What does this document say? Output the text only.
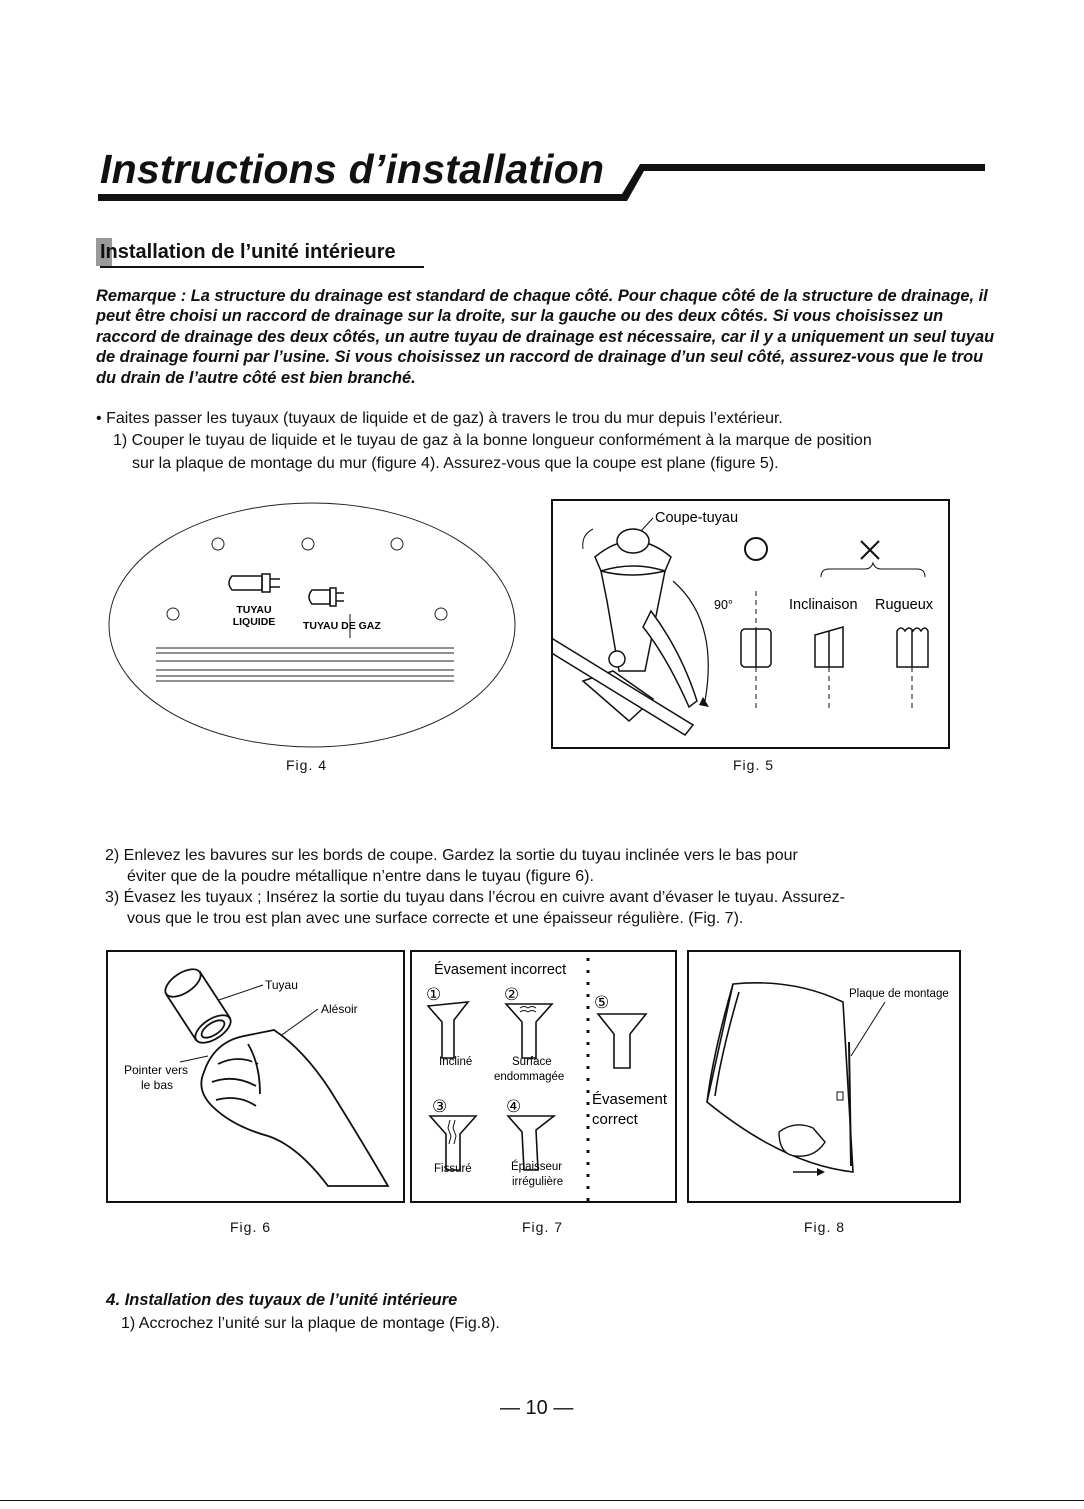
Instructions d’installation
Installation de l’unité intérieure
Remarque : La structure du drainage est standard de chaque côté. Pour chaque côté de la structure de drainage, il peut être choisi un raccord de drainage sur la droite, sur la gauche ou des deux côtés. Si vous choisissez un raccord de drainage des deux côtés, un autre tuyau de drainage est nécessaire, car il y a uniquement un seul tuyau de drainage fourni par l’usine. Si vous choisissez un raccord de drainage d’un seul côté, assurez-vous que le trou du drain de l’autre côté est bien branché.
• Faites passer les tuyaux (tuyaux de liquide et de gaz) à travers le trou du mur depuis l’extérieur.
1) Couper le tuyau de liquide et le tuyau de gaz à la bonne longueur conformément à la marque de position
sur la plaque de montage du mur (figure 4). Assurez-vous que la coupe est plane (figure 5).
TUYAU
LIQUIDE	TUYAU DE GAZ
Fig. 4
Coupe-tuyau
90°	Inclinaison Rugueux
Fig. 5
2) Enlevez les bavures sur les bords de coupe. Gardez la sortie du tuyau inclinée vers le bas pour
éviter que de la poudre métallique n’entre dans le tuyau (figure 6).
3) Évasez les tuyaux ; Insérez la sortie du tuyau dans l’écrou en cuivre avant d’évaser le tuyau. Assurez-
vous que le trou est plan avec une surface correcte et une épaisseur régulière. (Fig. 7).
Tuyau
Alésoir
Pointer vers
le bas
Fig. 6
Évasement incorrect
①	②	⑤
③	④
Incliné	Surface
endommagée
Évasement
correct
Fissuré	Épaisseur
irrégulière
Fig. 7
Plaque de montage
Fig. 8
4. Installation des tuyaux de l’unité intérieure
1) Accrochez l’unité sur la plaque de montage (Fig.8).
— 10 —
